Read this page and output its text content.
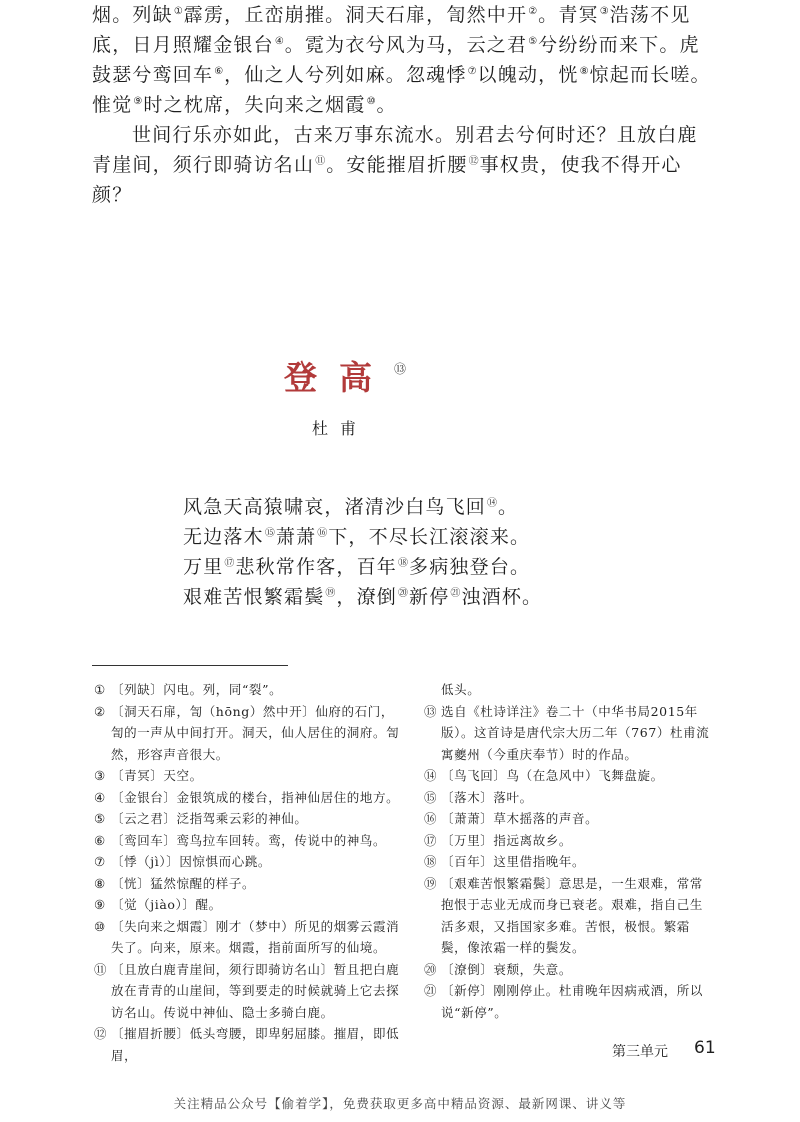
烟。列缺①霹雳，丘峦崩摧。洞天石扉，訇然中开②。青冥③浩荡不见底，日月照耀金银台④。霓为衣兮风为马，云之君⑤兮纷纷而来下。虎鼓瑟兮鸾回车⑥，仙之人兮列如麻。忽魂悸⑦以魄动，恍⑧惊起而长嗟。惟觉⑨时之枕席，失向来之烟霞⑩。

世间行乐亦如此，古来万事东流水。别君去兮何时还？且放白鹿青崖间，须行即骑访名山⑪。安能摧眉折腰⑫事权贵，使我不得开心颜？

登高⑬
杜甫
风急天高猿啸哀，渚清沙白鸟飞回⑭。
无边落木⑮萧萧⑯下，不尽长江滚滚来。
万里⑰悲秋常作客，百年⑱多病独登台。
艰难苦恨繁霜鬓⑲，潦倒⑳新停$^㉑$浊酒杯。
① 〔列缺〕闪电。列，同“裂”。
② 〔洞天石扉，訇（hōng）然中开〕仙府的石门，訇的一声从中间打开。洞天，仙人居住的洞府。訇然，形容声音很大。
③ 〔青冥〕天空。
④ 〔金银台〕金银筑成的楼台，指神仙居住的地方。
⑤ 〔云之君〕泛指驾乘云彩的神仙。
⑥ 〔鸾回车〕鸾鸟拉车回转。鸾，传说中的神鸟。
⑦ 〔悸（jì）〕因惊惧而心跳。
⑧ 〔恍〕猛然惊醒的样子。
⑨ 〔觉（jiào）〕醒。
⑩ 〔失向来之烟霞〕刚才（梦中）所见的烟雾云霞消失了。向来，原来。烟霞，指前面所写的仙境。
⑪ 〔且放白鹿青崖间，须行即骑访名山〕暂且把白鹿放在青青的山崖间，等到要走的时候就骑上它去探访名山。传说中神仙、隐士多骑白鹿。
⑫ 〔摧眉折腰〕低头弯腰，即卑躬屈膝。摧眉，即低眉，
低头。
⑬ 选自《杜诗详注》卷二十（中华书局2015年版）。这首诗是唐代宗大历二年（767）杜甫流寓夔州（今重庆奉节）时的作品。
⑭ 〔鸟飞回〕鸟（在急风中）飞舞盘旋。
⑮ 〔落木〕落叶。
⑯ 〔萧萧〕草木摇落的声音。
⑰ 〔万里〕指远离故乡。
⑱ 〔百年〕这里借指晚年。
⑲ 〔艰难苦恨繁霜鬓〕意思是，一生艰难，常常抱恨于志业无成而身已衰老。艰难，指自己生活多艰，又指国家多难。苦恨，极恨。繁霜鬓，像浓霜一样的鬓发。
⑳ 〔潦倒〕衰颓，失意。
㉑ 〔新停〕刚刚停止。杜甫晚年因病戒酒，所以说“新停”。
第三单元 61
关注精品公众号【偷着学】，免费获取更多高中精品资源、最新网课、讲义等
